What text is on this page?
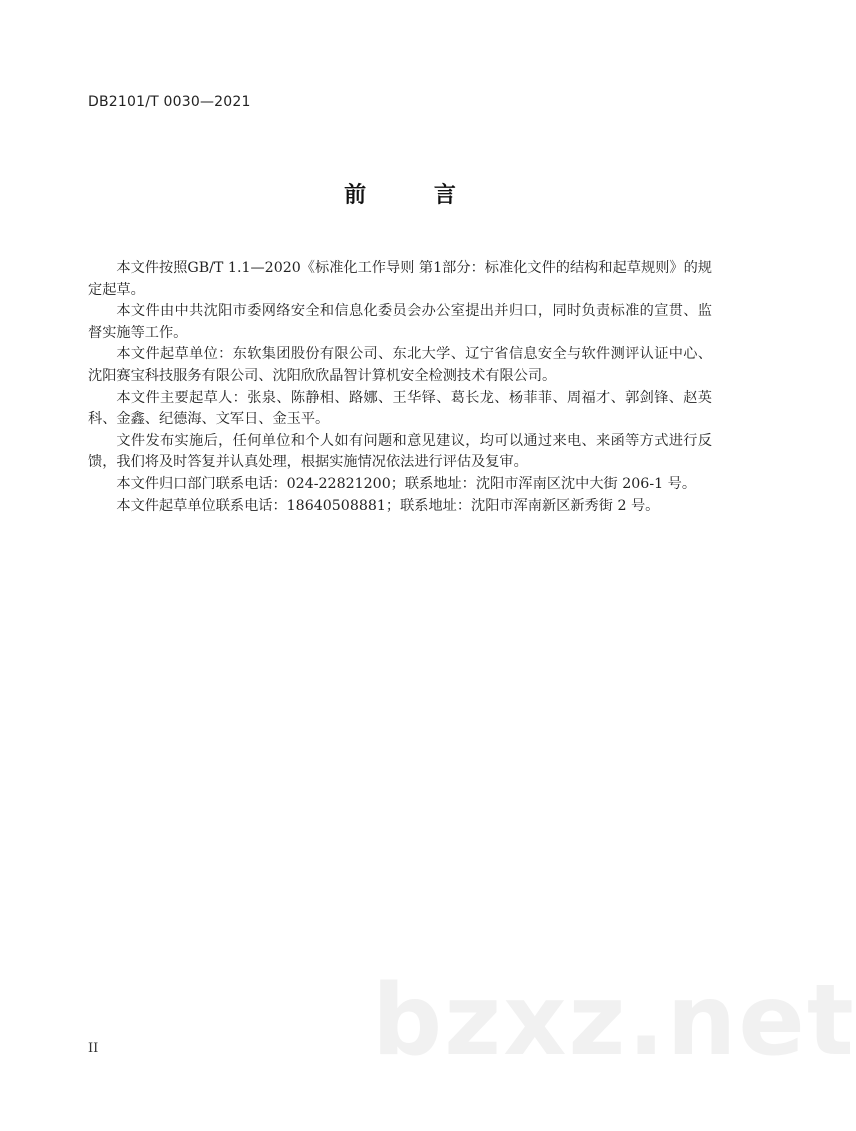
DB2101/T 0030—2021
前 言

本文件按照GB/T 1.1—2020《标准化工作导则 第1部分：标准化文件的结构和起草规则》的规定起草。

本文件由中共沈阳市委网络安全和信息化委员会办公室提出并归口，同时负责标准的宣贯、监督实施等工作。

本文件起草单位：东软集团股份有限公司、东北大学、辽宁省信息安全与软件测评认证中心、沈阳赛宝科技服务有限公司、沈阳欣欣晶智计算机安全检测技术有限公司。

本文件主要起草人：张泉、陈静相、路娜、王华铎、葛长龙、杨菲菲、周福才、郭剑锋、赵英科、金鑫、纪德海、文军日、金玉平。

文件发布实施后，任何单位和个人如有问题和意见建议，均可以通过来电、来函等方式进行反馈，我们将及时答复并认真处理，根据实施情况依法进行评估及复审。

本文件归口部门联系电话：024-22821200；联系地址：沈阳市浑南区沈中大街 206-1 号。

本文件起草单位联系电话：18640508881；联系地址：沈阳市浑南新区新秀街 2 号。

bzxz.net
II
